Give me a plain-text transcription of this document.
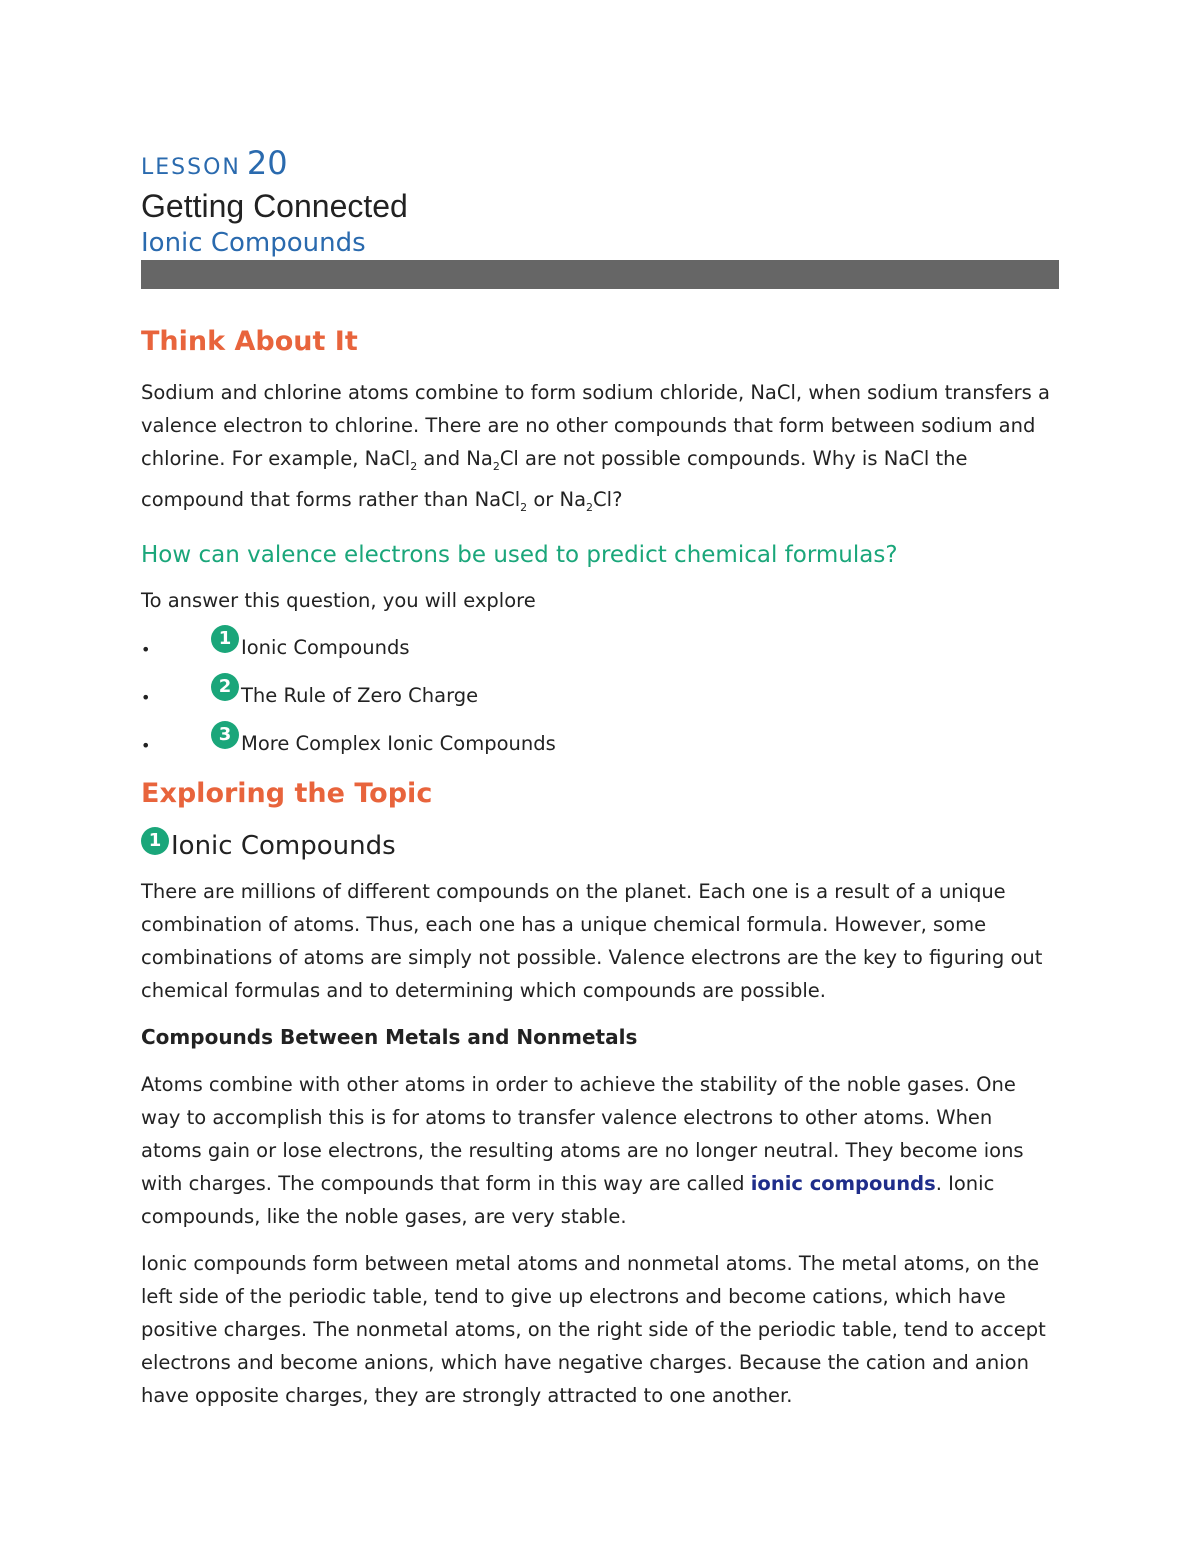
LESSON 20
Getting Connected
Ionic Compounds
Think About It
Sodium and chlorine atoms combine to form sodium chloride, NaCl, when sodium transfers a valence electron to chlorine. There are no other compounds that form between sodium and chlorine. For example, NaCl$_2$ and $Na_2Cl$ are not possible compounds. Why is NaCl the compound that forms rather than NaCl$_2$ or $Na_2Cl$?
How can valence electrons be used to predict chemical formulas?
To answer this question, you will explore
•
1 Ionic Compounds
•
2 The Rule of Zero Charge
•
3 More Complex Ionic Compounds
Exploring the Topic
1 Ionic Compounds
There are millions of different compounds on the planet. Each one is a result of a unique combination of atoms. Thus, each one has a unique chemical formula. However, some combinations of atoms are simply not possible. Valence electrons are the key to figuring out chemical formulas and to determining which compounds are possible.
Compounds Between Metals and Nonmetals
Atoms combine with other atoms in order to achieve the stability of the noble gases. One way to accomplish this is for atoms to transfer valence electrons to other atoms. When atoms gain or lose electrons, the resulting atoms are no longer neutral. They become ions with charges. The compounds that form in this way are called ionic compounds. Ionic compounds, like the noble gases, are very stable.
Ionic compounds form between metal atoms and nonmetal atoms. The metal atoms, on the left side of the periodic table, tend to give up electrons and become cations, which have positive charges. The nonmetal atoms, on the right side of the periodic table, tend to accept electrons and become anions, which have negative charges. Because the cation and anion have opposite charges, they are strongly attracted to one another.
